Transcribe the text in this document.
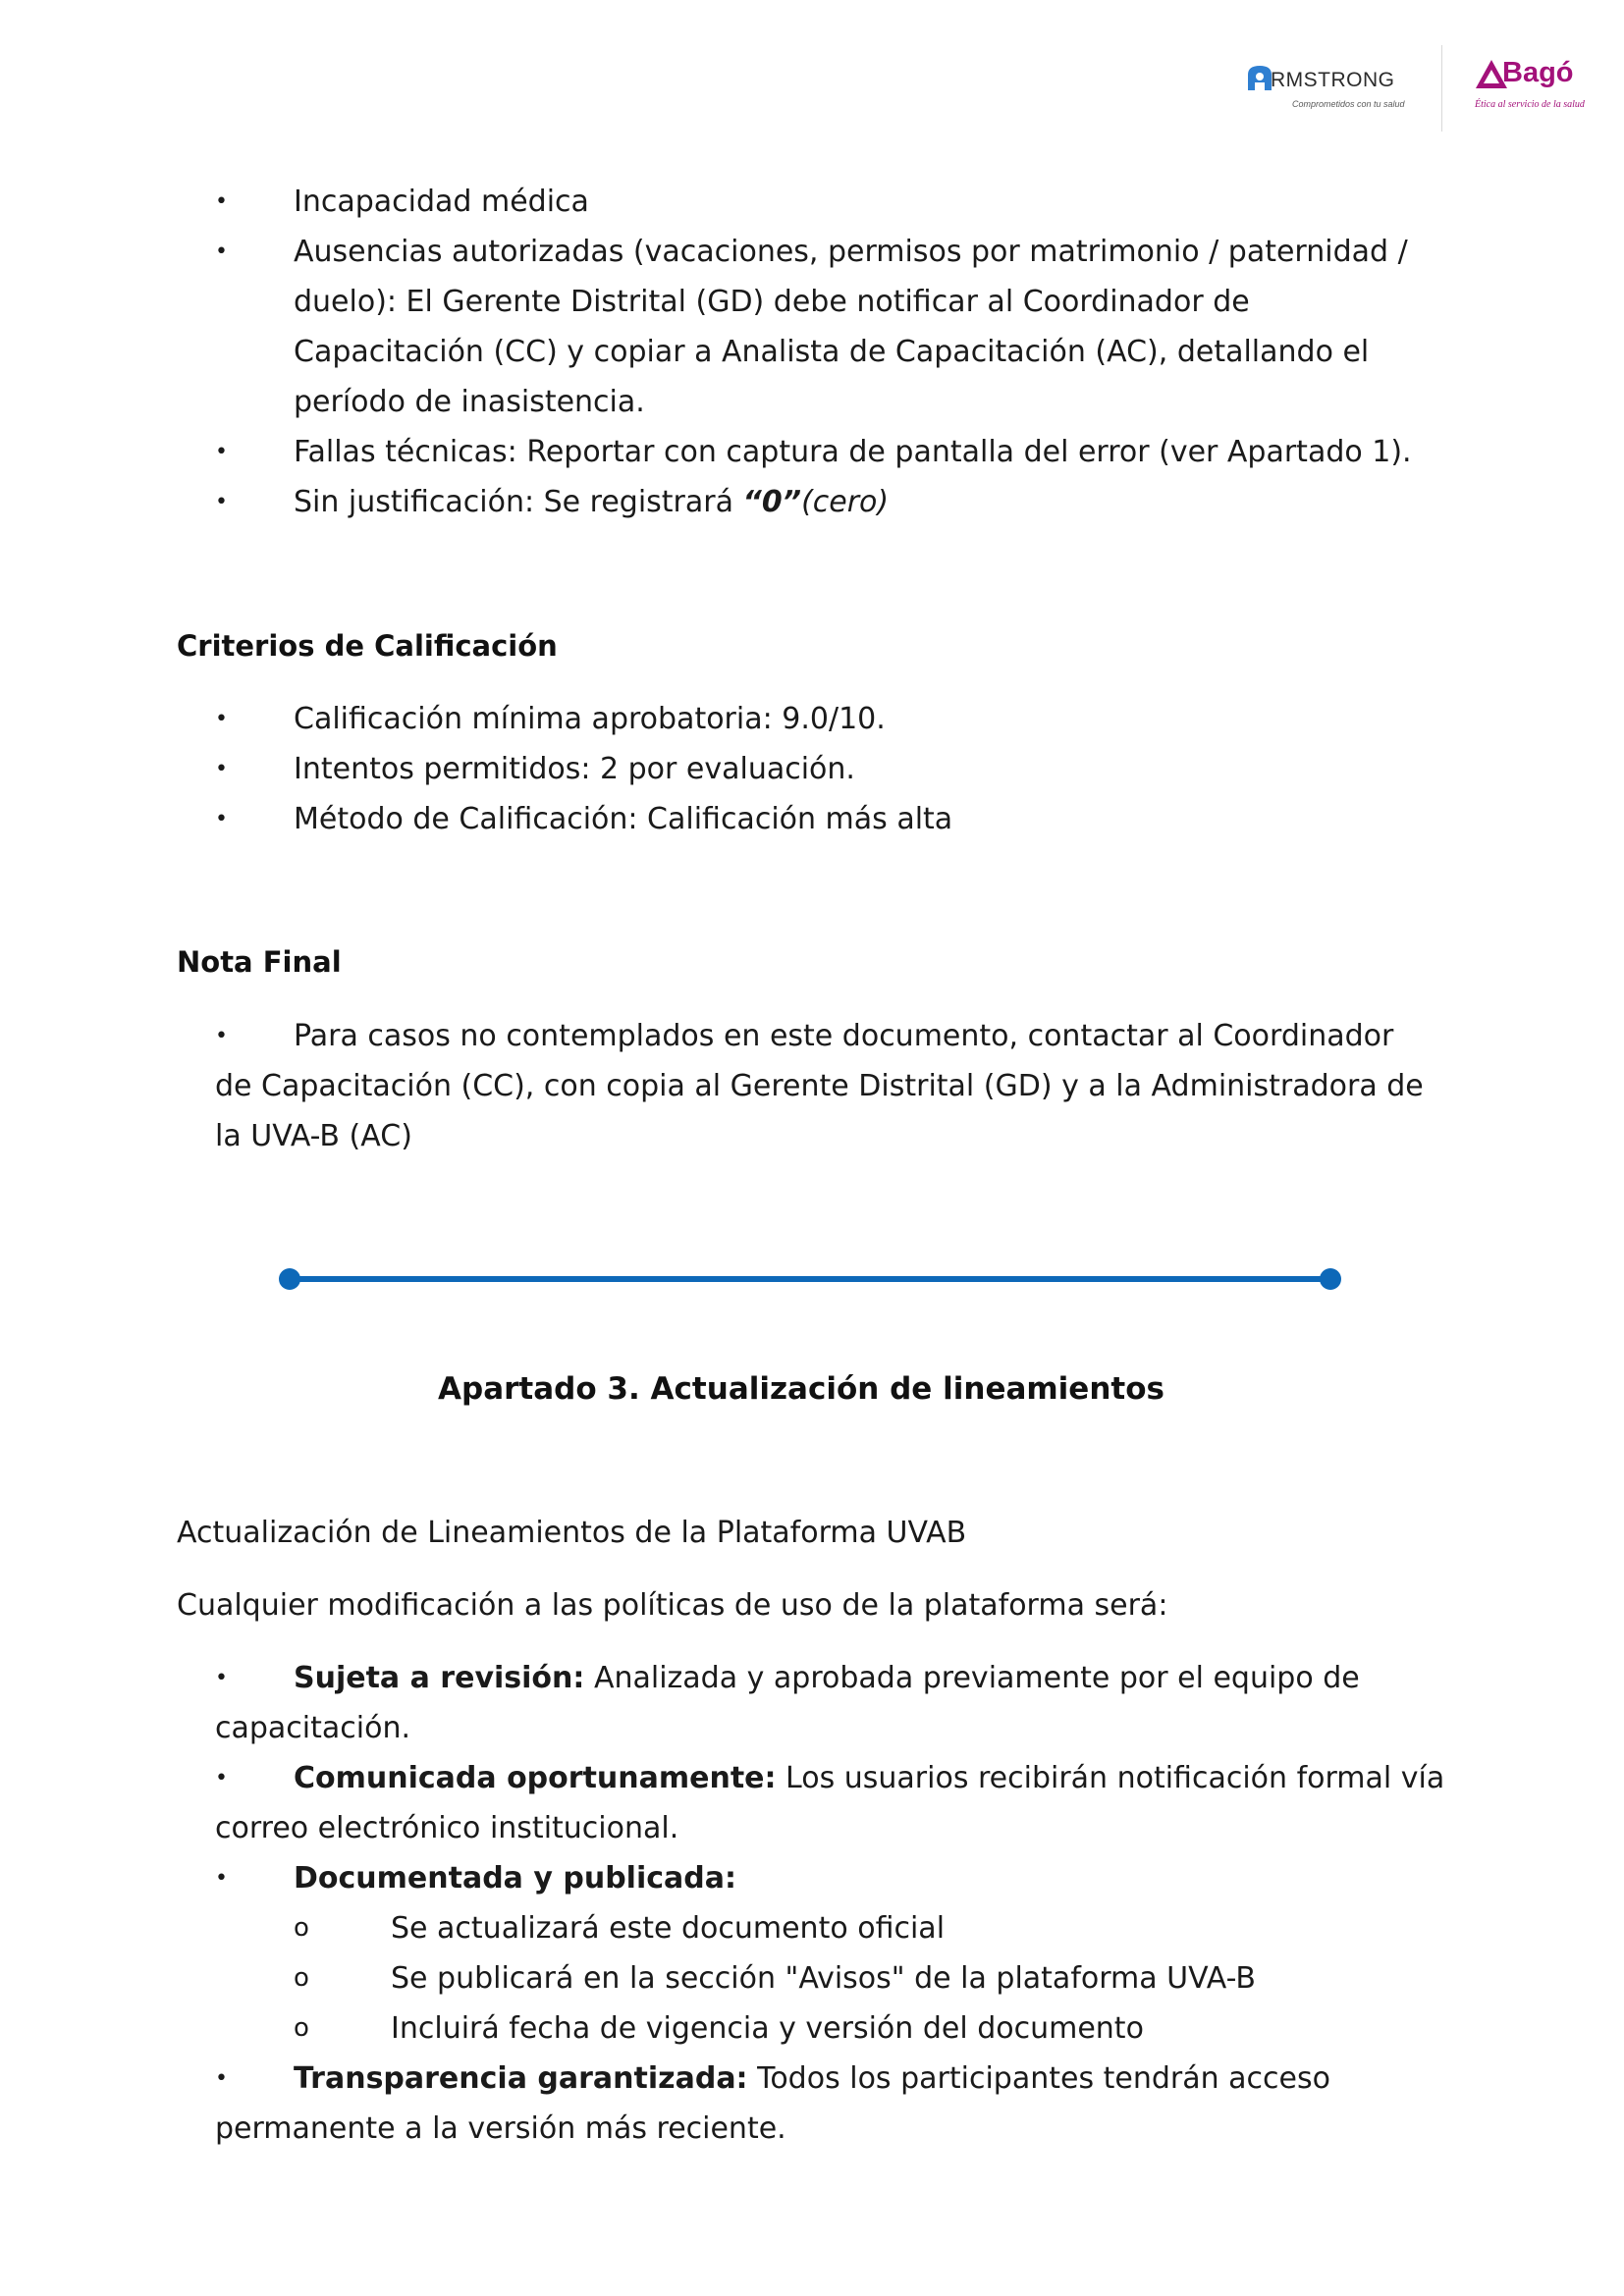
RMSTRONG
Comprometidos con tu salud
Bagó
Ética al servicio de la salud
• Incapacidad médica
• Ausencias autorizadas (vacaciones, permisos por matrimonio / paternidad /
duelo): El Gerente Distrital (GD) debe notificar al Coordinador de
Capacitación (CC) y copiar a Analista de Capacitación (AC), detallando el
período de inasistencia.
• Fallas técnicas: Reportar con captura de pantalla del error (ver Apartado 1).
• Sin justificación: Se registrará “0”(cero)
Criterios de Calificación
• Calificación mínima aprobatoria: 9.0/10.
• Intentos permitidos: 2 por evaluación.
• Método de Calificación: Calificación más alta
Nota Final
• Para casos no contemplados en este documento, contactar al Coordinador
de Capacitación (CC), con copia al Gerente Distrital (GD) y a la Administradora de
la UVA-B (AC)
Apartado 3. Actualización de lineamientos
Actualización de Lineamientos de la Plataforma UVAB
Cualquier modificación a las políticas de uso de la plataforma será:
• Sujeta a revisión: Analizada y aprobada previamente por el equipo de
capacitación.
• Comunicada oportunamente: Los usuarios recibirán notificación formal vía
correo electrónico institucional.
• Documentada y publicada:
o	Se actualizará este documento oficial
o	Se publicará en la sección "Avisos" de la plataforma UVA-B
o	Incluirá fecha de vigencia y versión del documento
• Transparencia garantizada: Todos los participantes tendrán acceso
permanente a la versión más reciente.
